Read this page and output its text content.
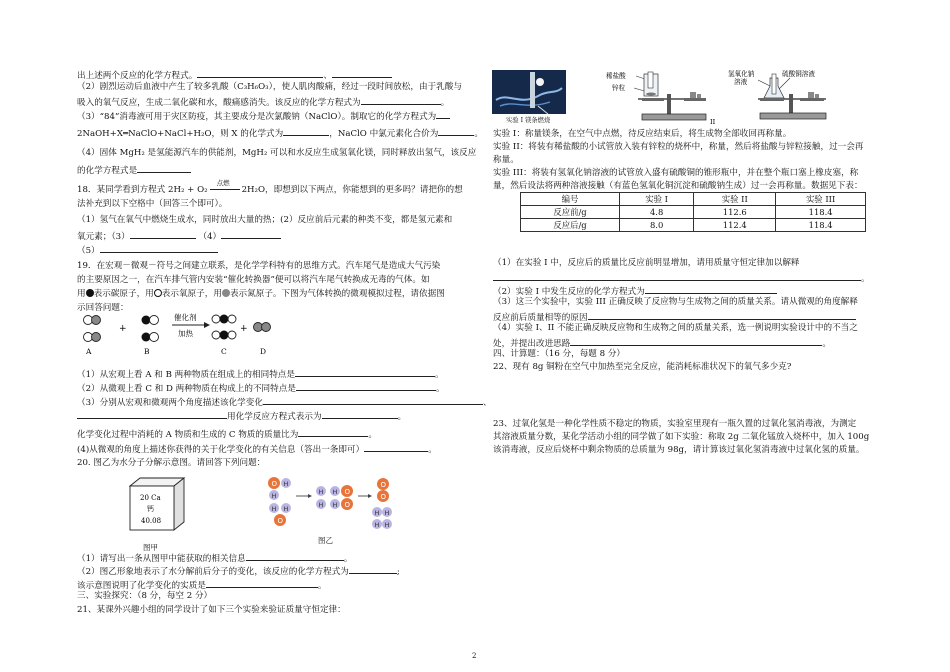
出上述两个反应的化学方程式。	、
（2）剧烈运动后血液中产生了较多乳酸（C₃H₆O₃），使人肌肉酸痛，经过一段时间放松，由于乳酸与
吸入的氧气反应，生成二氧化碳和水，酸痛感消失。该反应的化学方程式为	。
（3）“84”消毒液可用于灾区防疫，其主要成分是次氯酸钠（NaClO）。制取它的化学方程式为
2NaOH+X═NaClO+NaCl+H₂O，则 X 的化学式为	，NaClO 中氯元素化合价为	。
（4）固体 MgH₂ 是氢能源汽车的供能剂，MgH₂ 可以和水反应生成氢氧化镁，同时释放出氢气，该反应
的化学方程式是
18．某同学看到方程式 2H₂ + O₂
点燃
2H₂O，即想到以下两点，你能想到的更多吗？请把你的想
法补充到以下空格中（回答三个即可）。
（1）氢气在氧气中燃烧生成水，同时放出大量的热；(2）反应前后元素的种类不变，都是氢元素和
氧元素；（3）	（4）
（5）
19．在宏观－微观－符号之间建立联系，是化学学科特有的思维方式。汽车尾气是造成大气污染
的主要原因之一，在汽车排气管内安装“催化转换器”便可以将汽车尾气转换成无毒的气体。如
用 表示碳原子，用 表示氧原子，用 表示氮原子。下图为气体转换的微观模拟过程，请依据图
示回答问题：
+
催化剂
加热	+
A	B	C	D
（1）从宏观上看 A 和 B 两种物质在组成上的相同特点是	。
（2）从微观上看 C 和 D 两种物质在构成上的不同特点是	。
（3）分别从宏观和微观两个角度描述该化学变化	、
用化学反应方程式表示为	。
化学变化过程中消耗的 A 物质和生成的 C 物质的质量比为	。
(4)从微观的角度上描述你获得的关于化学变化的有关信息（答出一条即可）	。
20. 图乙为水分子分解示意图。请回答下列问题：
20 Ca
钙
40.08
图甲
O H
H
H H
O
H H O
H H O
O
O
H H
H H
图乙
（1）请写出一条从图甲中能获取的相关信息	。
（2）图乙形象地表示了水分解前后分子的变化，该反应的化学方程式为	;
该示意图说明了化学变化的实质是	。
三、实验探究：（8 分，每空 2 分）
21、某课外兴趣小组的同学设计了如下三个实验来验证质量守恒定律：
实验 I 镁条燃烧
稀盐酸
锌粒
II
氢氧化钠
溶液
硫酸铜溶液
实验 I：称量镁条，在空气中点燃，待反应结束后，将生成物全部收回再称量。
实验 II：将装有稀盐酸的小试管放入装有锌粒的烧杯中，称量，然后将盐酸与锌粒接触，过一会再
称量。
实验 III：将装有氢氧化钠溶液的试管放入盛有硫酸铜的锥形瓶中，并在整个瓶口塞上橡皮塞，称
量，然后设法将两种溶液接触（有蓝色氢氧化铜沉淀和硫酸钠生成）过一会再称量。数据见下表：
编号	实验 I	实验 II	实验 III
反应前/g	4.8	112.6	118.4
反应后/g	8.0	112.4	118.4
（1）在实验 I 中，反应后的质量比反应前明显增加，请用质量守恒定律加以解释
。
（2）实验 I 中发生反应的化学方程式为
（3）这三个实验中，实验 III 正确反映了反应物与生成物之间的质量关系。请从微观的角度解释
反应前后质量相等的原因
（4）实验 I、II 不能正确反映反应物和生成物之间的质量关系，选一例说明实验设计中的不当之
处，并提出改进思路	。
四、计算题：（16 分，每题 8 分）
22、现有 8g 铜粉在空气中加热至完全反应，能消耗标准状况下的氧气多少克?
23、过氧化氢是一种化学性质不稳定的物质，实验室里现有一瓶久置的过氧化氢消毒液，为测定
其溶液质量分数，某化学活动小组的同学做了如下实验：称取 2g 二氧化锰放入烧杯中，加入 100g
该消毒液，反应后烧杯中剩余物质的总质量为 98g，请计算该过氧化氢消毒液中过氧化氢的质量。
2
